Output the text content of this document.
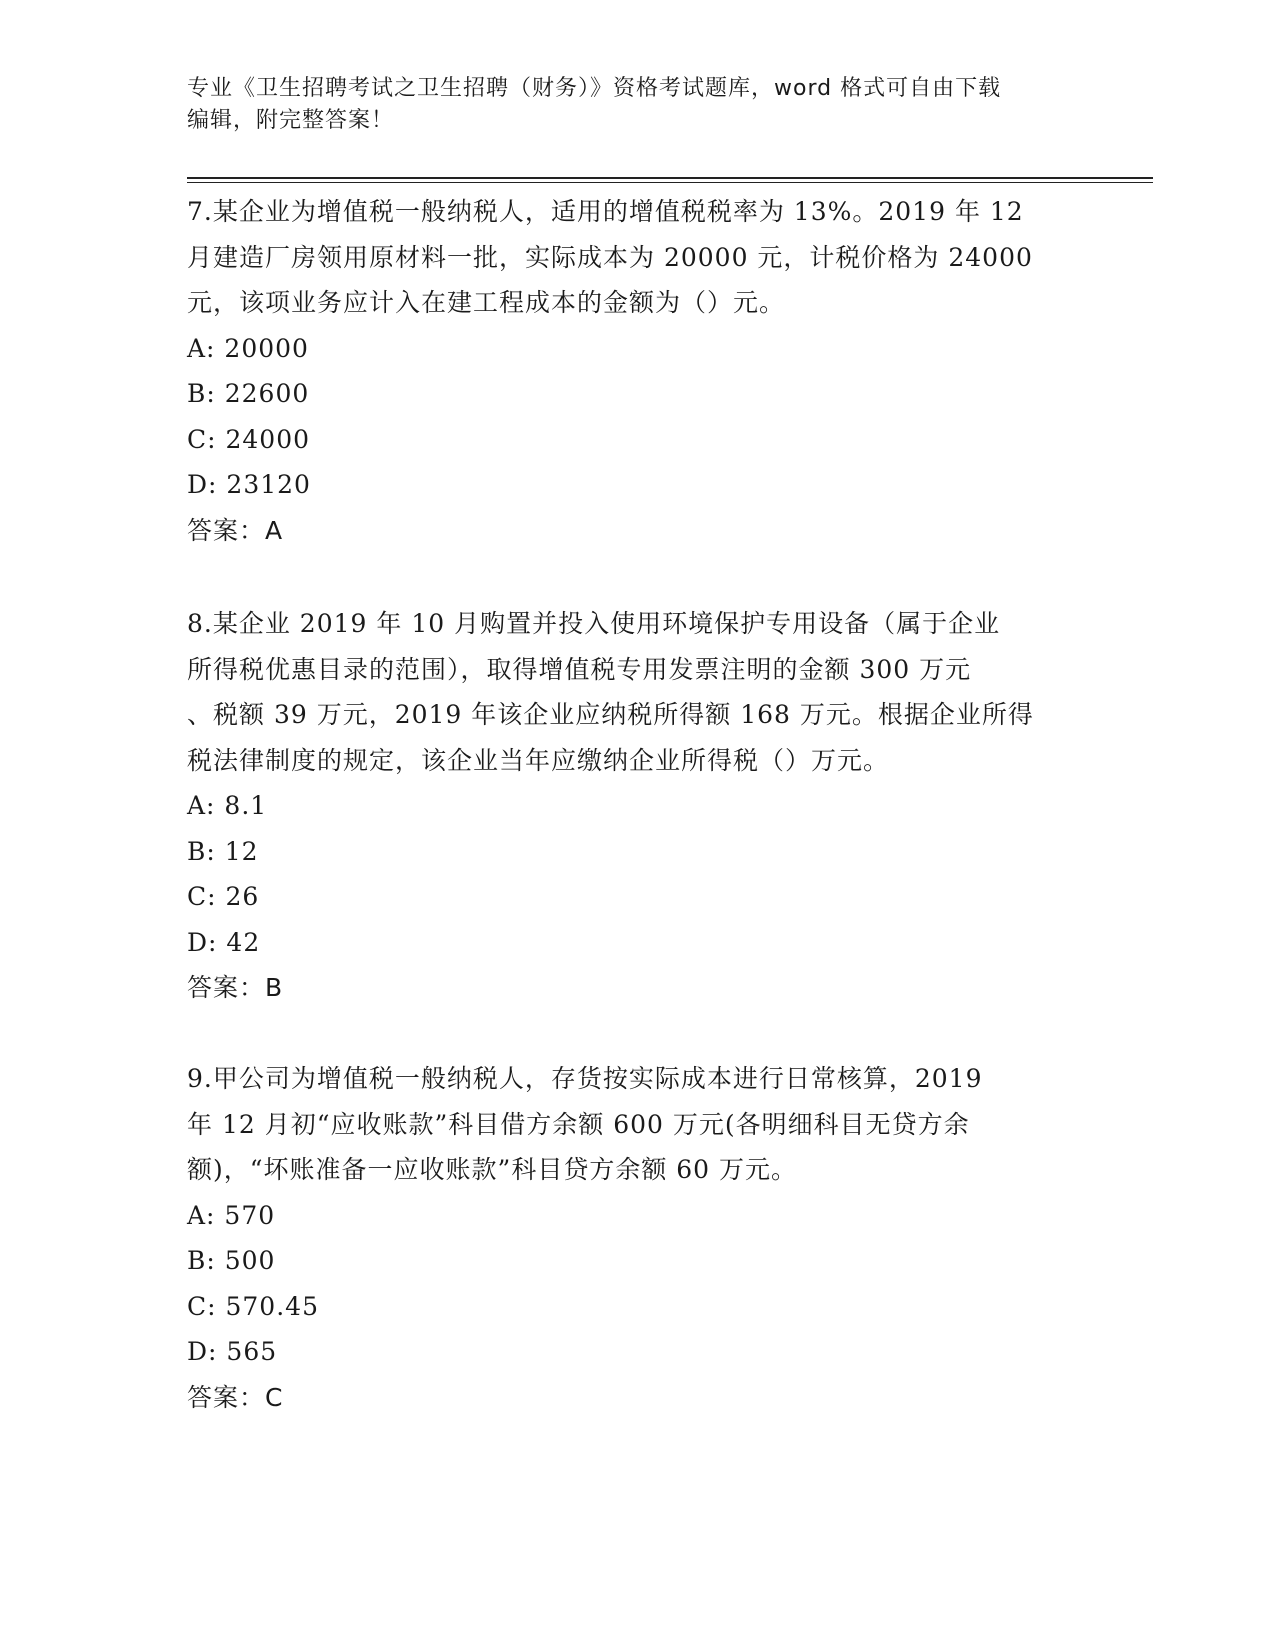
专业《卫生招聘考试之卫生招聘（财务）》资格考试题库，word 格式可自由下载
编辑，附完整答案！
7.某企业为增值税一般纳税人，适用的增值税税率为 13%。2019 年 12
月建造厂房领用原材料一批，实际成本为 20000 元，计税价格为 24000
元，该项业务应计入在建工程成本的金额为（）元。
A: 20000
B: 22600
C: 24000
D: 23120
答案：A
8.某企业 2019 年 10 月购置并投入使用环境保护专用设备（属于企业
所得税优惠目录的范围），取得增值税专用发票注明的金额 300 万元
、税额 39 万元，2019 年该企业应纳税所得额 168 万元。根据企业所得
税法律制度的规定，该企业当年应缴纳企业所得税（）万元。
A: 8.1
B: 12
C: 26
D: 42
答案：B
9.甲公司为增值税一般纳税人，存货按实际成本进行日常核算，2019
年 12 月初“应收账款”科目借方余额 600 万元(各明细科目无贷方余
额)，“坏账准备一应收账款”科目贷方余额 60 万元。
A: 570
B: 500
C: 570.45
D: 565
答案：C
